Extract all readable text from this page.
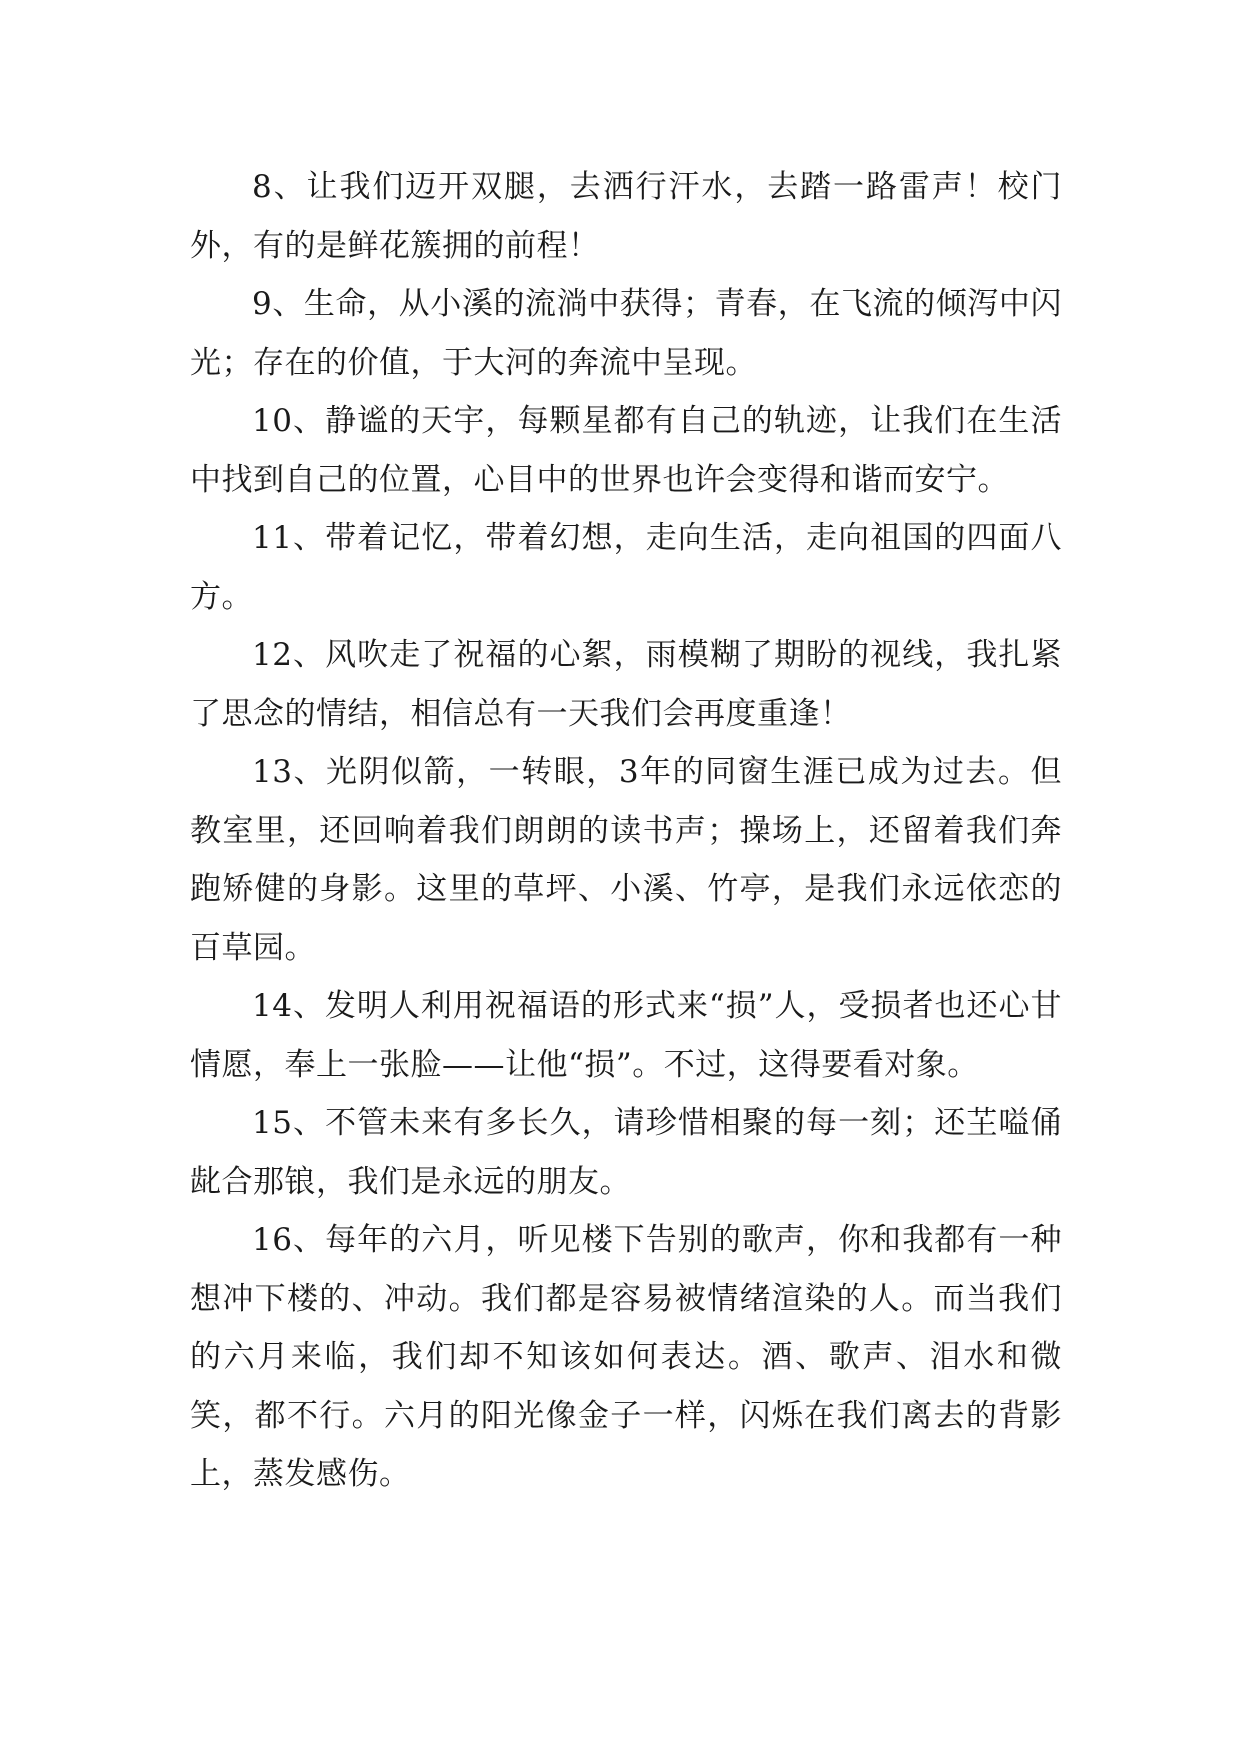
8、让我们迈开双腿，去洒行汗水，去踏一路雷声！校门外，有的是鲜花簇拥的前程！

9、生命，从小溪的流淌中获得；青春，在飞流的倾泻中闪光；存在的价值，于大河的奔流中呈现。

10、静谧的天宇，每颗星都有自己的轨迹，让我们在生活中找到自己的位置，心目中的世界也许会变得和谐而安宁。

11、带着记忆，带着幻想，走向生活，走向祖国的四面八方。

12、风吹走了祝福的心絮，雨模糊了期盼的视线，我扎紧了思念的情结，相信总有一天我们会再度重逢！

13、光阴似箭，一转眼，3年的同窗生涯已成为过去。但教室里，还回响着我们朗朗的读书声；操场上，还留着我们奔跑矫健的身影。这里的草坪、小溪、竹亭，是我们永远依恋的百草园。

14、发明人利用祝福语的形式来“损”人，受损者也还心甘情愿，奉上一张脸——让他“损”。不过，这得要看对象。

15、不管未来有多长久，请珍惜相聚的每一刻；还芏嗌俑龀合那锒，我们是永远的朋友。

16、每年的六月，听见楼下告别的歌声，你和我都有一种想冲下楼的、冲动。我们都是容易被情绪渲染的人。而当我们的六月来临，我们却不知该如何表达。酒、歌声、泪水和微笑，都不行。六月的阳光像金子一样，闪烁在我们离去的背影上，蒸发感伤。
